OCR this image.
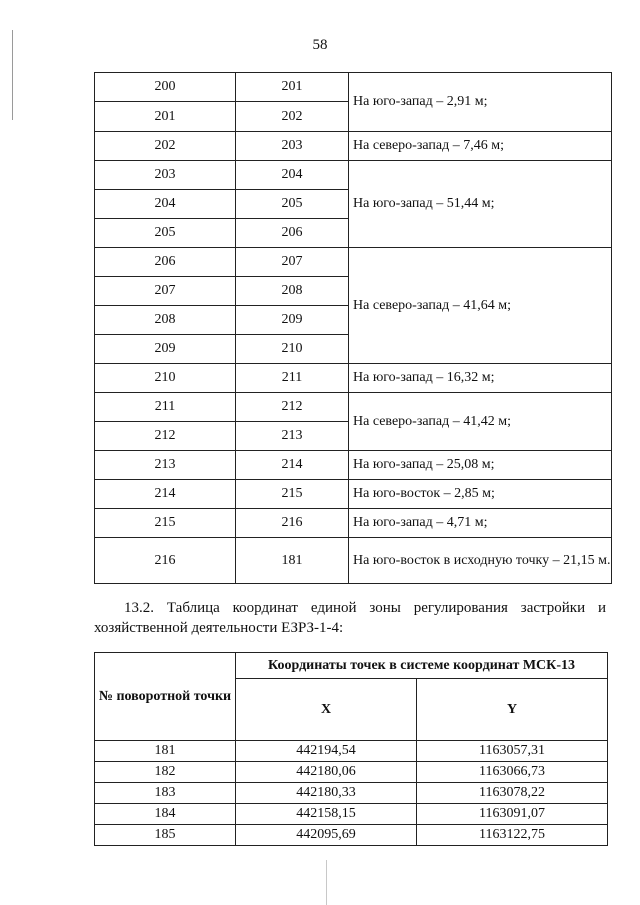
58
200	201	На юго-запад – 2,91 м;
201	202	
202	203	На северо-запад – 7,46 м;
203	204	На юго-запад – 51,44 м;
204	205	
205	206	
206	207	На северо-запад – 41,64 м;
207	208	
208	209	
209	210	
210	211	На юго-запад – 16,32 м;
211	212	На северо-запад – 41,42 м;
212	213	
213	214	На юго-запад – 25,08 м;
214	215	На юго-восток – 2,85 м;
215	216	На юго-запад – 4,71 м;
216	181	На юго-восток в исходную точку – 21,15 м.
13.2. Таблица координат единой зоны регулирования застройки и
хозяйственной деятельности ЕЗРЗ-1-4:
№ поворотной точки	Координаты точек в системе координат МСК-13	
	X	Y
181	442194,54	1163057,31
182	442180,06	1163066,73
183	442180,33	1163078,22
184	442158,15	1163091,07
185	442095,69	1163122,75
